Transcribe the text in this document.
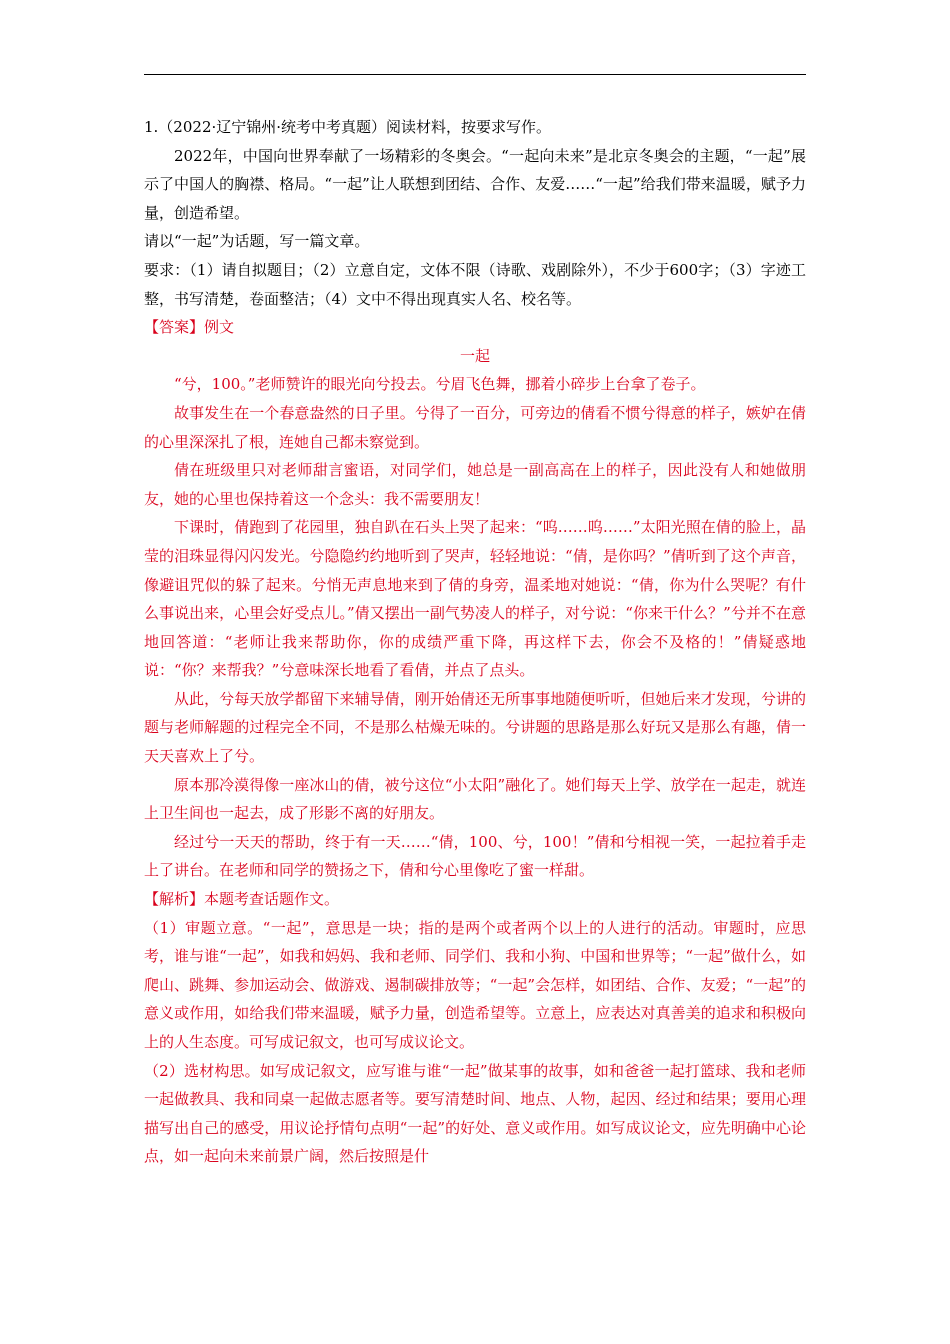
1.（2022·辽宁锦州·统考中考真题）阅读材料，按要求写作。

2022年，中国向世界奉献了一场精彩的冬奥会。“一起向未来”是北京冬奥会的主题，“一起”展示了中国人的胸襟、格局。“一起”让人联想到团结、合作、友爱……“一起”给我们带来温暖，赋予力量，创造希望。

请以“一起”为话题，写一篇文章。

要求：（1）请自拟题目；（2）立意自定，文体不限（诗歌、戏剧除外），不少于600字；（3）字迹工整，书写清楚，卷面整洁；（4）文中不得出现真实人名、校名等。

【答案】例文

一起

“兮，100。”老师赞许的眼光向兮投去。兮眉飞色舞，挪着小碎步上台拿了卷子。

故事发生在一个春意盎然的日子里。兮得了一百分，可旁边的倩看不惯兮得意的样子，嫉妒在倩的心里深深扎了根，连她自己都未察觉到。

倩在班级里只对老师甜言蜜语，对同学们，她总是一副高高在上的样子，因此没有人和她做朋友，她的心里也保持着这一个念头：我不需要朋友！

下课时，倩跑到了花园里，独自趴在石头上哭了起来：“呜……呜……”太阳光照在倩的脸上，晶莹的泪珠显得闪闪发光。兮隐隐约约地听到了哭声，轻轻地说：“倩，是你吗？”倩听到了这个声音，像避诅咒似的躲了起来。兮悄无声息地来到了倩的身旁，温柔地对她说：“倩，你为什么哭呢？有什么事说出来，心里会好受点儿。”倩又摆出一副气势凌人的样子，对兮说：“你来干什么？”兮并不在意地回答道：“老师让我来帮助你，你的成绩严重下降，再这样下去，你会不及格的！”倩疑惑地说：“你？来帮我？”兮意味深长地看了看倩，并点了点头。

从此，兮每天放学都留下来辅导倩，刚开始倩还无所事事地随便听听，但她后来才发现，兮讲的题与老师解题的过程完全不同，不是那么枯燥无味的。兮讲题的思路是那么好玩又是那么有趣，倩一天天喜欢上了兮。

原本那冷漠得像一座冰山的倩，被兮这位“小太阳”融化了。她们每天上学、放学在一起走，就连上卫生间也一起去，成了形影不离的好朋友。

经过兮一天天的帮助，终于有一天……“倩，100、兮，100！”倩和兮相视一笑，一起拉着手走上了讲台。在老师和同学的赞扬之下，倩和兮心里像吃了蜜一样甜。

【解析】本题考查话题作文。

（1）审题立意。“一起”，意思是一块；指的是两个或者两个以上的人进行的活动。审题时，应思考，谁与谁“一起”，如我和妈妈、我和老师、同学们、我和小狗、中国和世界等；“一起”做什么，如爬山、跳舞、参加运动会、做游戏、遏制碳排放等；“一起”会怎样，如团结、合作、友爱；“一起”的意义或作用，如给我们带来温暖，赋予力量，创造希望等。立意上，应表达对真善美的追求和积极向上的人生态度。可写成记叙文，也可写成议论文。

（2）选材构思。如写成记叙文，应写谁与谁“一起”做某事的故事，如和爸爸一起打篮球、我和老师一起做教具、我和同桌一起做志愿者等。要写清楚时间、地点、人物，起因、经过和结果；要用心理描写出自己的感受，用议论抒情句点明“一起”的好处、意义或作用。如写成议论文，应先明确中心论点，如一起向未来前景广阔，然后按照是什
